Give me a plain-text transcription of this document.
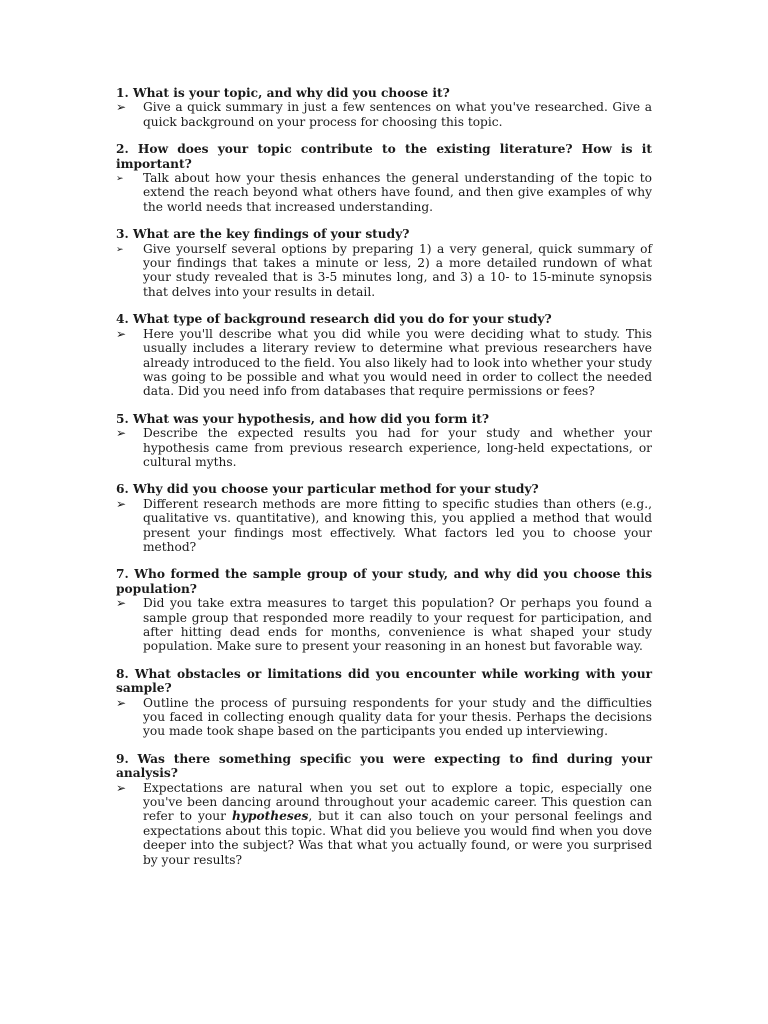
1. What is your topic, and why did you choose it?

➢	Give a quick summary in just a few sentences on what you've researched. Give a quick background on your process for choosing this topic.

2. How does your topic contribute to the existing literature? How is it important?

➢	Talk about how your thesis enhances the general understanding of the topic to extend the reach beyond what others have found, and then give examples of why the world needs that increased understanding.

3. What are the key findings of your study?

➢	Give yourself several options by preparing 1) a very general, quick summary of your findings that takes a minute or less, 2) a more detailed rundown of what your study revealed that is 3-5 minutes long, and 3) a 10- to 15-minute synopsis that delves into your results in detail.

4. What type of background research did you do for your study?

➢	Here you'll describe what you did while you were deciding what to study. This usually includes a literary review to determine what previous researchers have already introduced to the field. You also likely had to look into whether your study was going to be possible and what you would need in order to collect the needed data. Did you need info from databases that require permissions or fees?

5. What was your hypothesis, and how did you form it?

➢	Describe the expected results you had for your study and whether your hypothesis came from previous research experience, long-held expectations, or cultural myths.

6. Why did you choose your particular method for your study?

➢	Different research methods are more fitting to specific studies than others (e.g., qualitative vs. quantitative), and knowing this, you applied a method that would present your findings most effectively. What factors led you to choose your method?

7. Who formed the sample group of your study, and why did you choose this population?

➢	Did you take extra measures to target this population? Or perhaps you found a sample group that responded more readily to your request for participation, and after hitting dead ends for months, convenience is what shaped your study population. Make sure to present your reasoning in an honest but favorable way.

8. What obstacles or limitations did you encounter while working with your sample?

➢	Outline the process of pursuing respondents for your study and the difficulties you faced in collecting enough quality data for your thesis. Perhaps the decisions you made took shape based on the participants you ended up interviewing.

9. Was there something specific you were expecting to find during your analysis?

➢	Expectations are natural when you set out to explore a topic, especially one you've been dancing around throughout your academic career. This question can refer to your hypotheses, but it can also touch on your personal feelings and expectations about this topic. What did you believe you would find when you dove deeper into the subject? Was that what you actually found, or were you surprised by your results?
